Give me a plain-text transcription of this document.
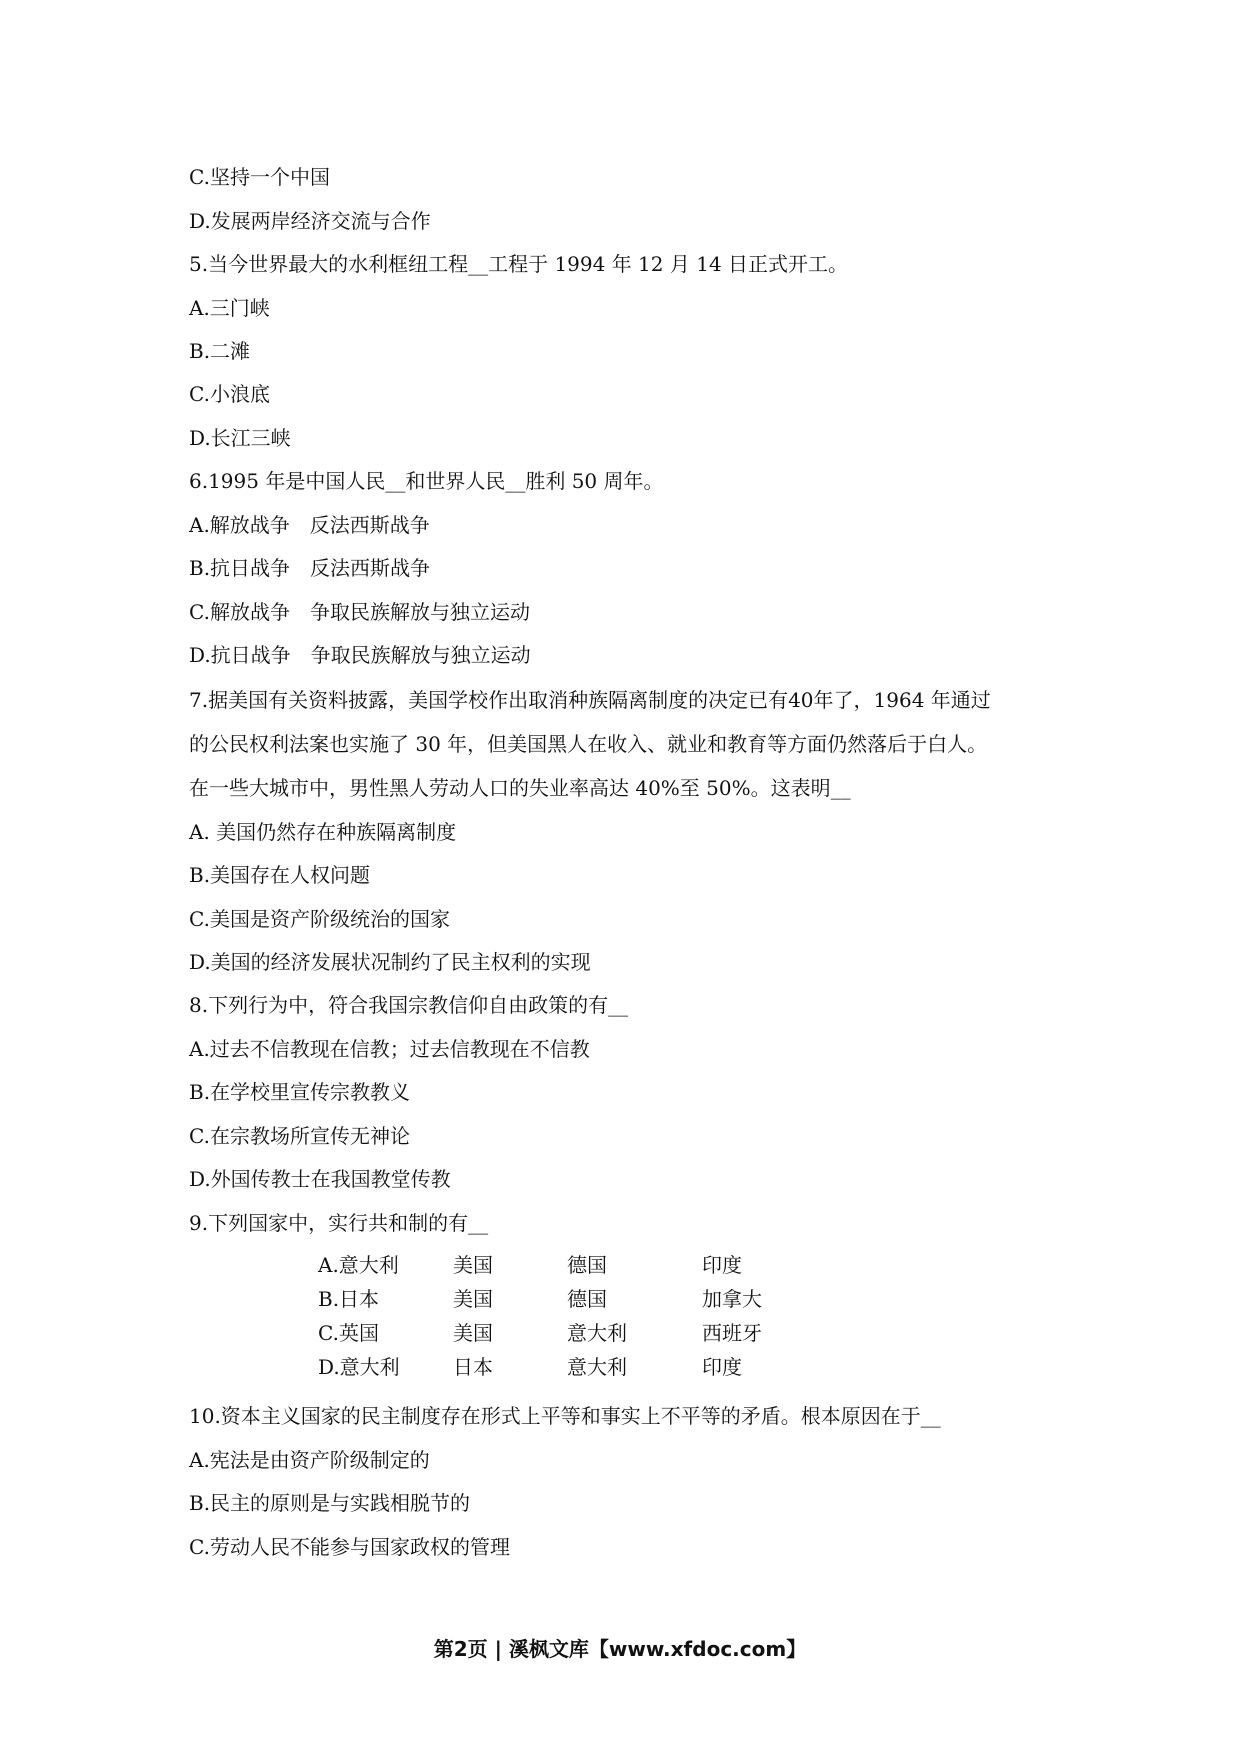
C.坚持一个中国
D.发展两岸经济交流与合作
5.当今世界最大的水利框纽工程__工程于 1994 年 12 月 14 日正式开工。
A.三门峡
B.二滩
C.小浪底
D.长江三峡
6.1995 年是中国人民__和世界人民__胜利 50 周年。
A.解放战争　反法西斯战争
B.抗日战争　反法西斯战争
C.解放战争　争取民族解放与独立运动
D.抗日战争　争取民族解放与独立运动
7.据美国有关资料披露，美国学校作出取消种族隔离制度的决定已有40年了，1964 年通过
的公民权利法案也实施了 30 年，但美国黑人在收入、就业和教育等方面仍然落后于白人。
在一些大城市中，男性黑人劳动人口的失业率高达 40%至 50%。这表明__
A. 美国仍然存在种族隔离制度
B.美国存在人权问题
C.美国是资产阶级统治的国家
D.美国的经济发展状况制约了民主权利的实现
8.下列行为中，符合我国宗教信仰自由政策的有__
A.过去不信教现在信教；过去信教现在不信教
B.在学校里宣传宗教教义
C.在宗教场所宣传无神论
D.外国传教士在我国教堂传教
9.下列国家中，实行共和制的有__
A.意大利	美国	德国	印度
B.日本	美国	德国	加拿大
C.英国	美国	意大利	西班牙
D.意大利	日本	意大利	印度
10.资本主义国家的民主制度存在形式上平等和事实上不平等的矛盾。根本原因在于__
A.宪法是由资产阶级制定的
B.民主的原则是与实践相脱节的
C.劳动人民不能参与国家政权的管理
第2页 | 溪枫文库【www.xfdoc.com】
